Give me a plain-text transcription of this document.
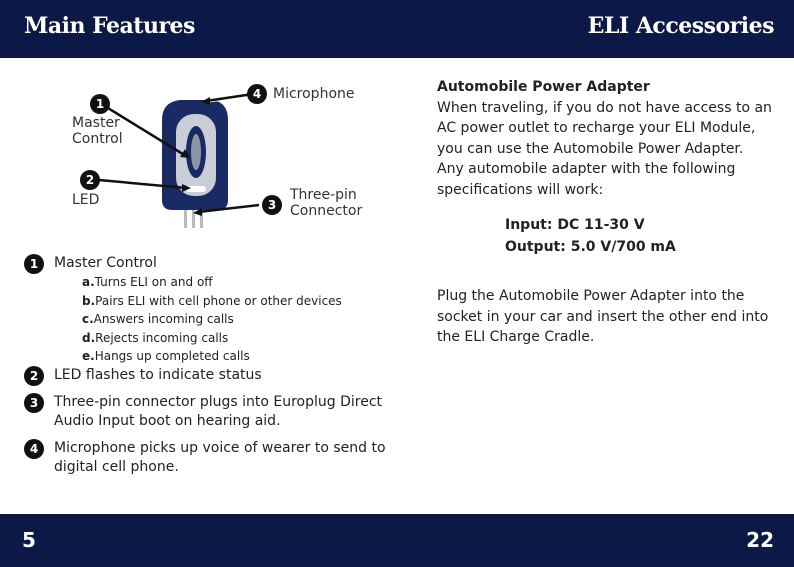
Main Features	ELI Accessories
1
Master
Control
2
LED	3
Three-pin
Connector
4 Microphone
1	Master Control
a.Turns ELI on and off
b.Pairs ELI with cell phone or other devices
c.Answers incoming calls
d.Rejects incoming calls
e.Hangs up completed calls
2	LED flashes to indicate status
3	Three-pin connector plugs into Europlug Direct Audio Input boot on hearing aid.
4	Microphone picks up voice of wearer to send to digital cell phone.
Automobile Power Adapter

When traveling, if you do not have access to an AC power outlet to recharge your ELI Module, you can use the Automobile Power Adapter. Any automobile adapter with the following specifications will work:

Input: DC 11-30 V
Output: 5.0 V/700 mA

Plug the Automobile Power Adapter into the socket in your car and insert the other end into the ELI Charge Cradle.

5	22
